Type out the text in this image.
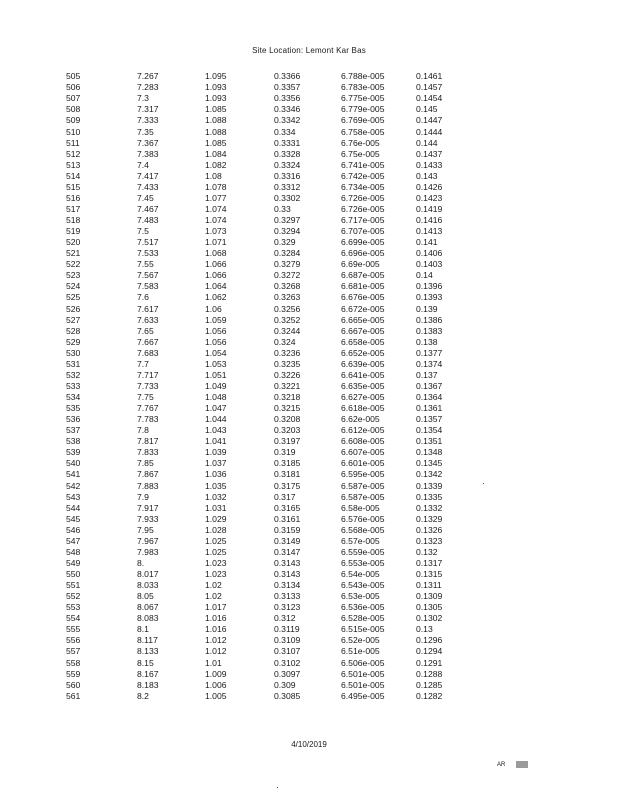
Site Location: Lemont Kar Bas
505	7.267	1.095	0.3366	6.788e-005	0.1461
506	7.283	1.093	0.3357	6.783e-005	0.1457
507	7.3	1.093	0.3356	6.775e-005	0.1454
508	7.317	1.085	0.3346	6.779e-005	0.145
509	7.333	1.088	0.3342	6.769e-005	0.1447
510	7.35	1.088	0.334	6.758e-005	0.1444
511	7.367	1.085	0.3331	6.76e-005	0.144
512	7.383	1.084	0.3328	6.75e-005	0.1437
513	7.4	1.082	0.3324	6.741e-005	0.1433
514	7.417	1.08	0.3316	6.742e-005	0.143
515	7.433	1.078	0.3312	6.734e-005	0.1426
516	7.45	1.077	0.3302	6.726e-005	0.1423
517	7.467	1.074	0.33	6.726e-005	0.1419
518	7.483	1.074	0.3297	6.717e-005	0.1416
519	7.5	1.073	0.3294	6.707e-005	0.1413
520	7.517	1.071	0.329	6.699e-005	0.141
521	7.533	1.068	0.3284	6.696e-005	0.1406
522	7.55	1.066	0.3279	6.69e-005	0.1403
523	7.567	1.066	0.3272	6.687e-005	0.14
524	7.583	1.064	0.3268	6.681e-005	0.1396
525	7.6	1.062	0.3263	6.676e-005	0.1393
526	7.617	1.06	0.3256	6.672e-005	0.139
527	7.633	1.059	0.3252	6.665e-005	0.1386
528	7.65	1.056	0.3244	6.667e-005	0.1383
529	7.667	1.056	0.324	6.658e-005	0.138
530	7.683	1.054	0.3236	6.652e-005	0.1377
531	7.7	1.053	0.3235	6.639e-005	0.1374
532	7.717	1.051	0.3226	6.641e-005	0.137
533	7.733	1.049	0.3221	6.635e-005	0.1367
534	7.75	1.048	0.3218	6.627e-005	0.1364
535	7.767	1.047	0.3215	6.618e-005	0.1361
536	7.783	1.044	0.3208	6.62e-005	0.1357
537	7.8	1.043	0.3203	6.612e-005	0.1354
538	7.817	1.041	0.3197	6.608e-005	0.1351
539	7.833	1.039	0.319	6.607e-005	0.1348
540	7.85	1.037	0.3185	6.601e-005	0.1345
541	7.867	1.036	0.3181	6.595e-005	0.1342
542	7.883	1.035	0.3175	6.587e-005	0.1339
543	7.9	1.032	0.317	6.587e-005	0.1335
544	7.917	1.031	0.3165	6.58e-005	0.1332
545	7.933	1.029	0.3161	6.576e-005	0.1329
546	7.95	1.028	0.3159	6.568e-005	0.1326
547	7.967	1.025	0.3149	6.57e-005	0.1323
548	7.983	1.025	0.3147	6.559e-005	0.132
549	8.	1.023	0.3143	6.553e-005	0.1317
550	8.017	1.023	0.3143	6.54e-005	0.1315
551	8.033	1.02	0.3134	6.543e-005	0.1311
552	8.05	1.02	0.3133	6.53e-005	0.1309
553	8.067	1.017	0.3123	6.536e-005	0.1305
554	8.083	1.016	0.312	6.528e-005	0.1302
555	8.1	1.016	0.3119	6.515e-005	0.13
556	8.117	1.012	0.3109	6.52e-005	0.1296
557	8.133	1.012	0.3107	6.51e-005	0.1294
558	8.15	1.01	0.3102	6.506e-005	0.1291
559	8.167	1.009	0.3097	6.501e-005	0.1288
560	8.183	1.006	0.309	6.501e-005	0.1285
561	8.2	1.005	0.3085	6.495e-005	0.1282
4/10/2019
AR
